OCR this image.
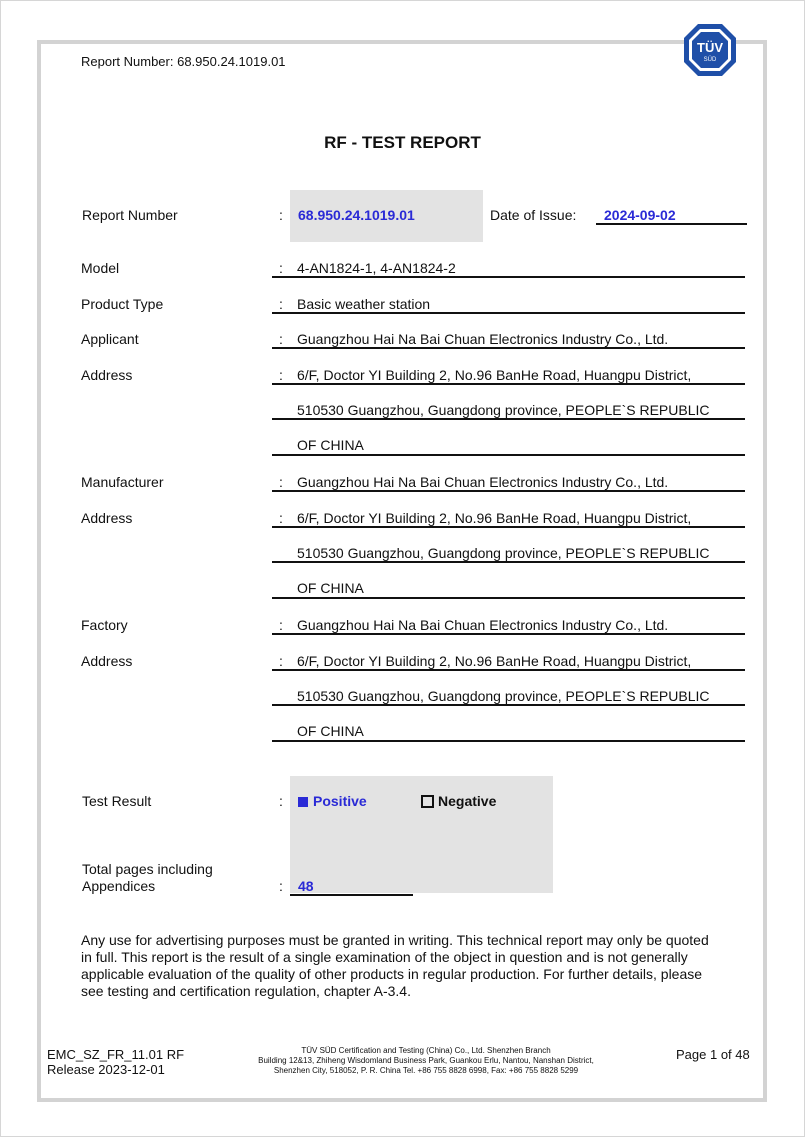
Report Number: 68.950.24.1019.01
TÜV
SÜD
RF - TEST REPORT
Report Number	: 68.950.24.1019.01	Date of Issue: 2024-09-02
Model	: 4-AN1824-1, 4-AN1824-2
Product Type	: Basic weather station
Applicant	: Guangzhou Hai Na Bai Chuan Electronics Industry Co., Ltd.
Address	: 6/F, Doctor YI Building 2, No.96 BanHe Road, Huangpu District,
510530 Guangzhou, Guangdong province, PEOPLE`S REPUBLIC
OF CHINA
Manufacturer	: Guangzhou Hai Na Bai Chuan Electronics Industry Co., Ltd.
Address	: 6/F, Doctor YI Building 2, No.96 BanHe Road, Huangpu District,
510530 Guangzhou, Guangdong province, PEOPLE`S REPUBLIC
OF CHINA
Factory	: Guangzhou Hai Na Bai Chuan Electronics Industry Co., Ltd.
Address	: 6/F, Doctor YI Building 2, No.96 BanHe Road, Huangpu District,
510530 Guangzhou, Guangdong province, PEOPLE`S REPUBLIC
OF CHINA
Test Result	:	Positive	Negative
Total pages including
Appendices	: 48
Any use for advertising purposes must be granted in writing. This technical report may only be quoted in full. This report is the result of a single examination of the object in question and is not generally applicable evaluation of the quality of other products in regular production. For further details, please see testing and certification regulation, chapter A-3.4.
EMC_SZ_FR_11.01 RF
Release 2023-12-01
TÜV SÜD Certification and Testing (China) Co., Ltd. Shenzhen Branch
Building 12&13, Zhiheng Wisdomland Business Park, Guankou Erlu, Nantou, Nanshan District,
Shenzhen City, 518052, P. R. China Tel. +86 755 8828 6998, Fax: +86 755 8828 5299
Page 1 of 48
